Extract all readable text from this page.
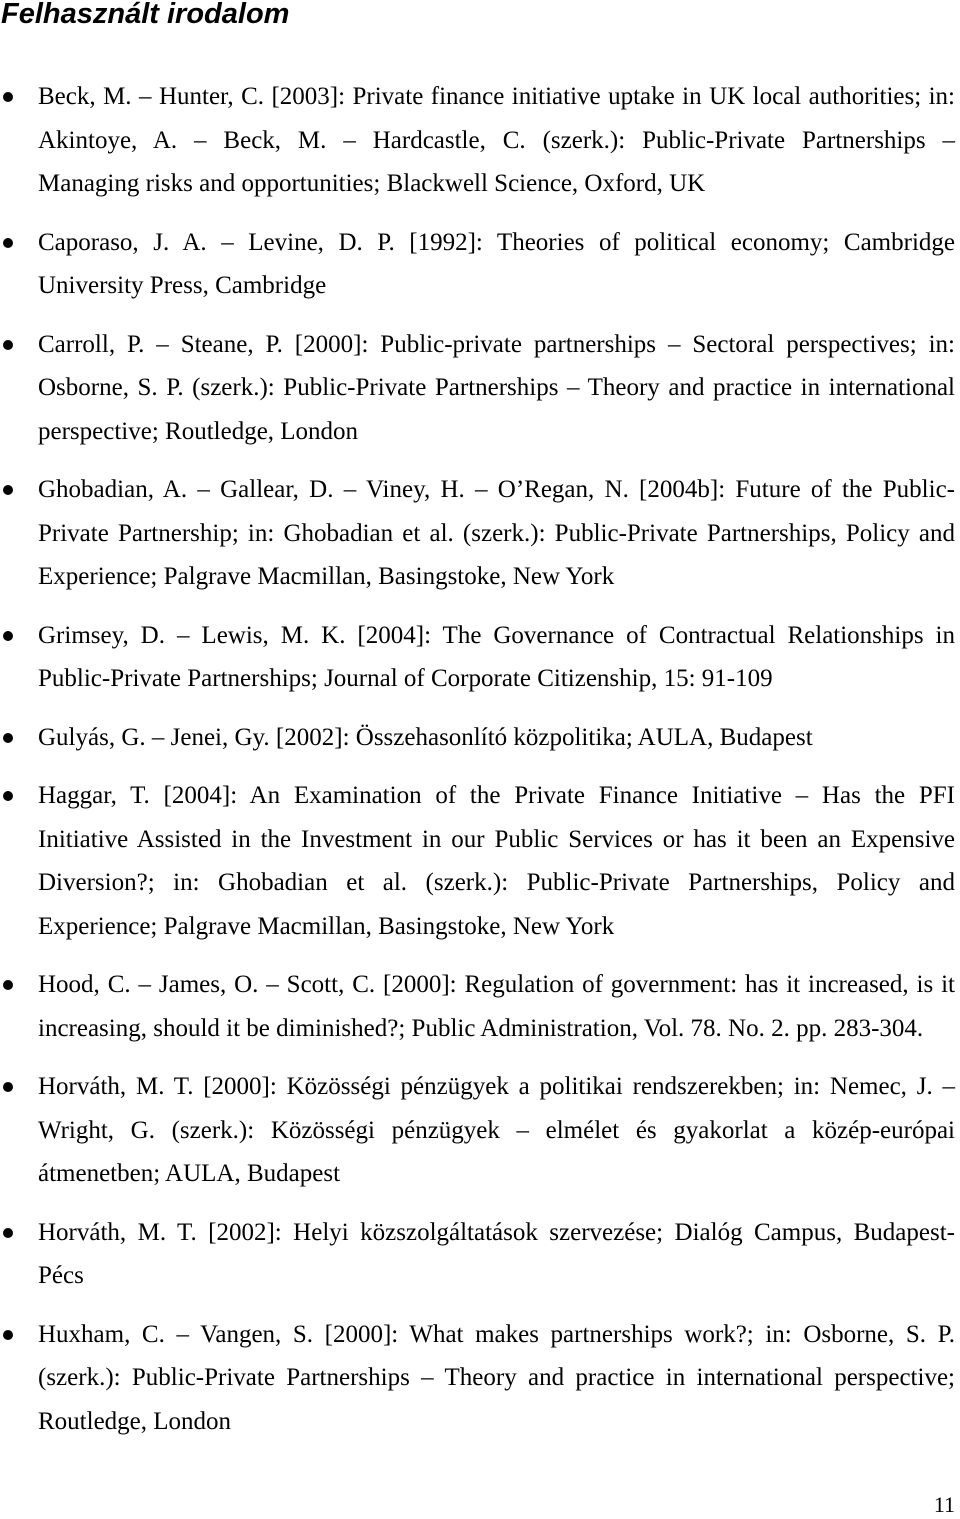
Felhasznált irodalom
Beck, M. – Hunter, C. [2003]: Private finance initiative uptake in UK local authorities; in:
Akintoye, A. – Beck, M. – Hardcastle, C. (szerk.): Public-Private Partnerships –
Managing risks and opportunities; Blackwell Science, Oxford, UK
Caporaso, J. A. – Levine, D. P. [1992]: Theories of political economy; Cambridge
University Press, Cambridge
Carroll, P. – Steane, P. [2000]: Public-private partnerships – Sectoral perspectives; in:
Osborne, S. P. (szerk.): Public-Private Partnerships – Theory and practice in international
perspective; Routledge, London
Ghobadian, A. – Gallear, D. – Viney, H. – O’Regan, N. [2004b]: Future of the Public-
Private Partnership; in: Ghobadian et al. (szerk.): Public-Private Partnerships, Policy and
Experience; Palgrave Macmillan, Basingstoke, New York
Grimsey, D. – Lewis, M. K. [2004]: The Governance of Contractual Relationships in
Public-Private Partnerships; Journal of Corporate Citizenship, 15: 91-109
Gulyás, G. – Jenei, Gy. [2002]: Összehasonlító közpolitika; AULA, Budapest
Haggar, T. [2004]: An Examination of the Private Finance Initiative – Has the PFI
Initiative Assisted in the Investment in our Public Services or has it been an Expensive
Diversion?; in: Ghobadian et al. (szerk.): Public-Private Partnerships, Policy and
Experience; Palgrave Macmillan, Basingstoke, New York
Hood, C. – James, O. – Scott, C. [2000]: Regulation of government: has it increased, is it
increasing, should it be diminished?; Public Administration, Vol. 78. No. 2. pp. 283-304.
Horváth, M. T. [2000]: Közösségi pénzügyek a politikai rendszerekben; in: Nemec, J. –
Wright, G. (szerk.): Közösségi pénzügyek – elmélet és gyakorlat a közép-európai
átmenetben; AULA, Budapest
Horváth, M. T. [2002]: Helyi közszolgáltatások szervezése; Dialóg Campus, Budapest-
Pécs
Huxham, C. – Vangen, S. [2000]: What makes partnerships work?; in: Osborne, S. P.
(szerk.): Public-Private Partnerships – Theory and practice in international perspective;
Routledge, London
11
